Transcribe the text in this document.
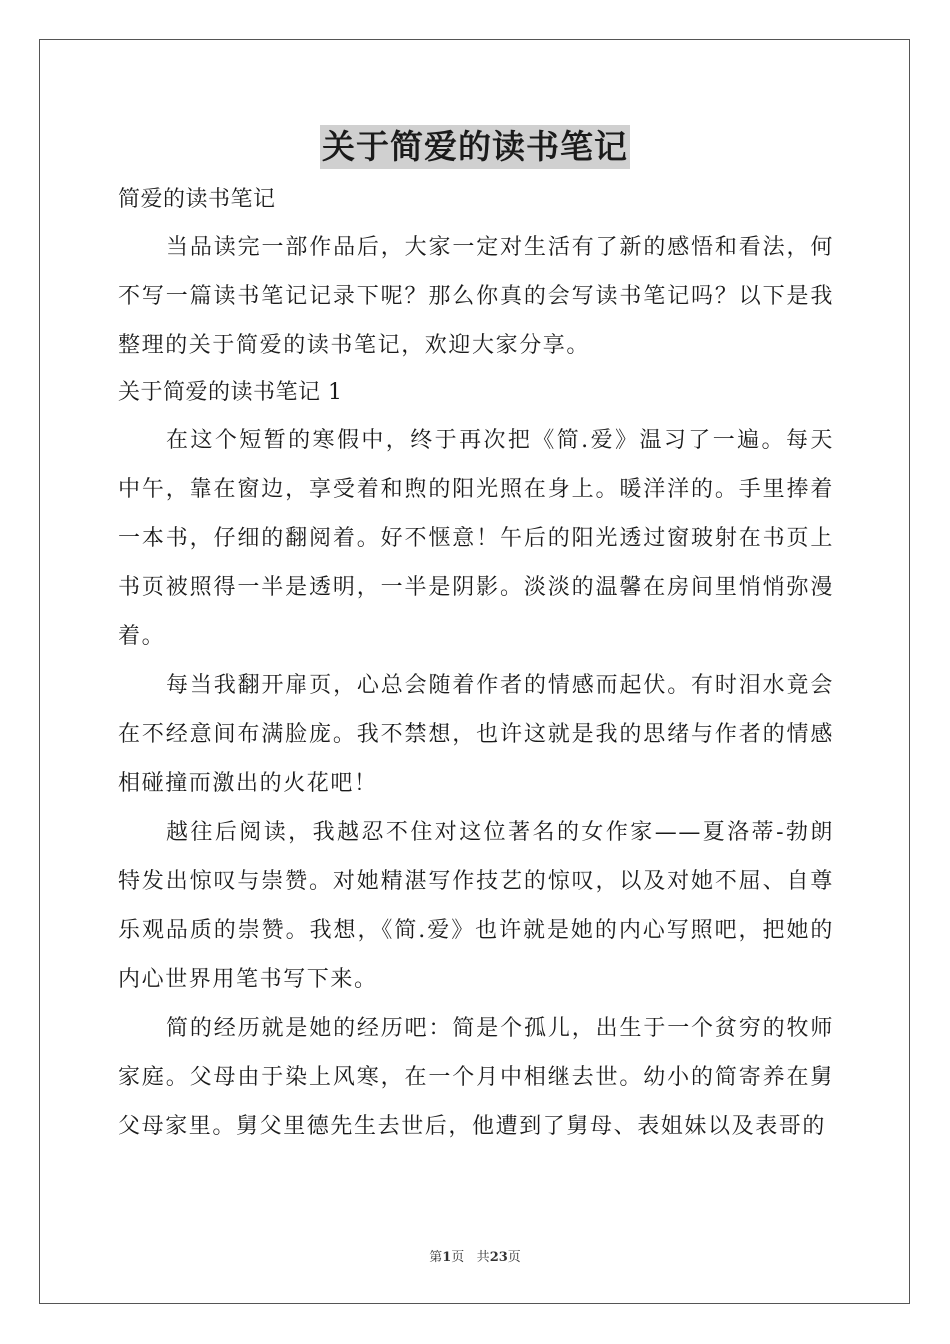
关于简爱的读书笔记

简爱的读书笔记

当品读完一部作品后，大家一定对生活有了新的感悟和看法，何不写一篇读书笔记记录下呢？那么你真的会写读书笔记吗？以下是我整理的关于简爱的读书笔记，欢迎大家分享。

关于简爱的读书笔记 1

在这个短暂的寒假中，终于再次把《简.爱》温习了一遍。每天中午，靠在窗边，享受着和煦的阳光照在身上。暖洋洋的。手里捧着一本书，仔细的翻阅着。好不惬意！午后的阳光透过窗玻射在书页上书页被照得一半是透明，一半是阴影。淡淡的温馨在房间里悄悄弥漫着。

每当我翻开扉页，心总会随着作者的情感而起伏。有时泪水竟会在不经意间布满脸庞。我不禁想，也许这就是我的思绪与作者的情感相碰撞而激出的火花吧！

越往后阅读，我越忍不住对这位著名的女作家——夏洛蒂-勃朗特发出惊叹与崇赞。对她精湛写作技艺的惊叹，以及对她不屈、自尊乐观品质的崇赞。我想，《简.爱》也许就是她的内心写照吧，把她的内心世界用笔书写下来。

简的经历就是她的经历吧：简是个孤儿，出生于一个贫穷的牧师家庭。父母由于染上风寒，在一个月中相继去世。幼小的简寄养在舅父母家里。舅父里德先生去世后，他遭到了舅母、表姐妹以及表哥的

第1页 共23页
